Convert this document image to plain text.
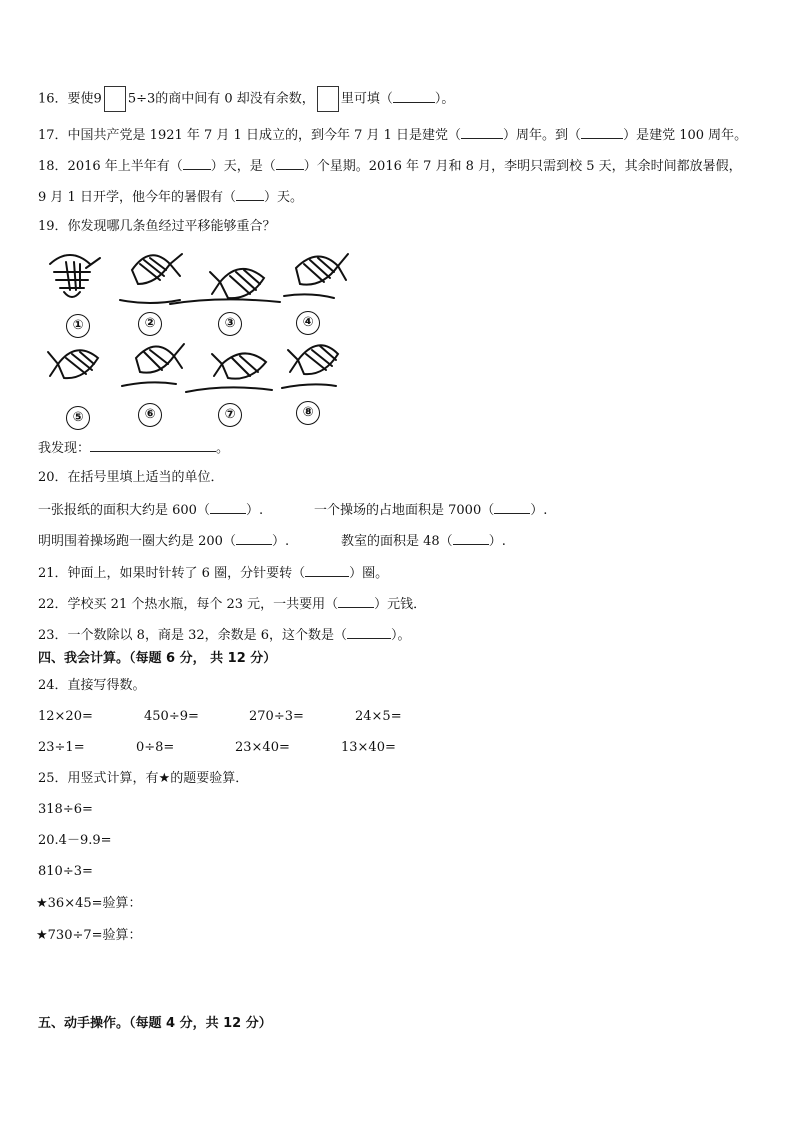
16．要使9 5÷3的商中间有 0 却没有余数， 里可填（	）。
17．中国共产党是 1921 年 7 月 1 日成立的，到今年 7 月 1 日是建党（	）周年。到（	）是建党 100 周年。
18．2016 年上半年有（ ）天，是（ ）个星期。2016 年 7 月和 8 月，李明只需到校 5 天，其余时间都放暑假，
9 月 1 日开学，他今年的暑假有（ ）天。
19．你发现哪几条鱼经过平移能够重合？
①	②	③	④
⑤	⑥	⑦	⑧
我发现：	。
20．在括号里填上适当的单位．
一张报纸的面积大约是 600（	）.	一个操场的占地面积是 7000（	）.
明明围着操场跑一圈大约是 200（	）.	教室的面积是 48（	）.
21．钟面上，如果时针转了 6 圈，分针要转（	）圈。
22．学校买 21 个热水瓶，每个 23 元，一共要用（	）元钱．
23．一个数除以 8，商是 32，余数是 6，这个数是（	）。
四、我会计算。（每题 6 分， 共 12 分）
24．直接写得数。
12×20=	450÷9=	270÷3=	24×5=
23÷1=	0÷8=	23×40=	13×40=
25．用竖式计算，有★的题要验算．
318÷6=
20.4－9.9=
810÷3=
★36×45=验算：
★730÷7=验算：
五、动手操作。（每题 4 分，共 12 分）
